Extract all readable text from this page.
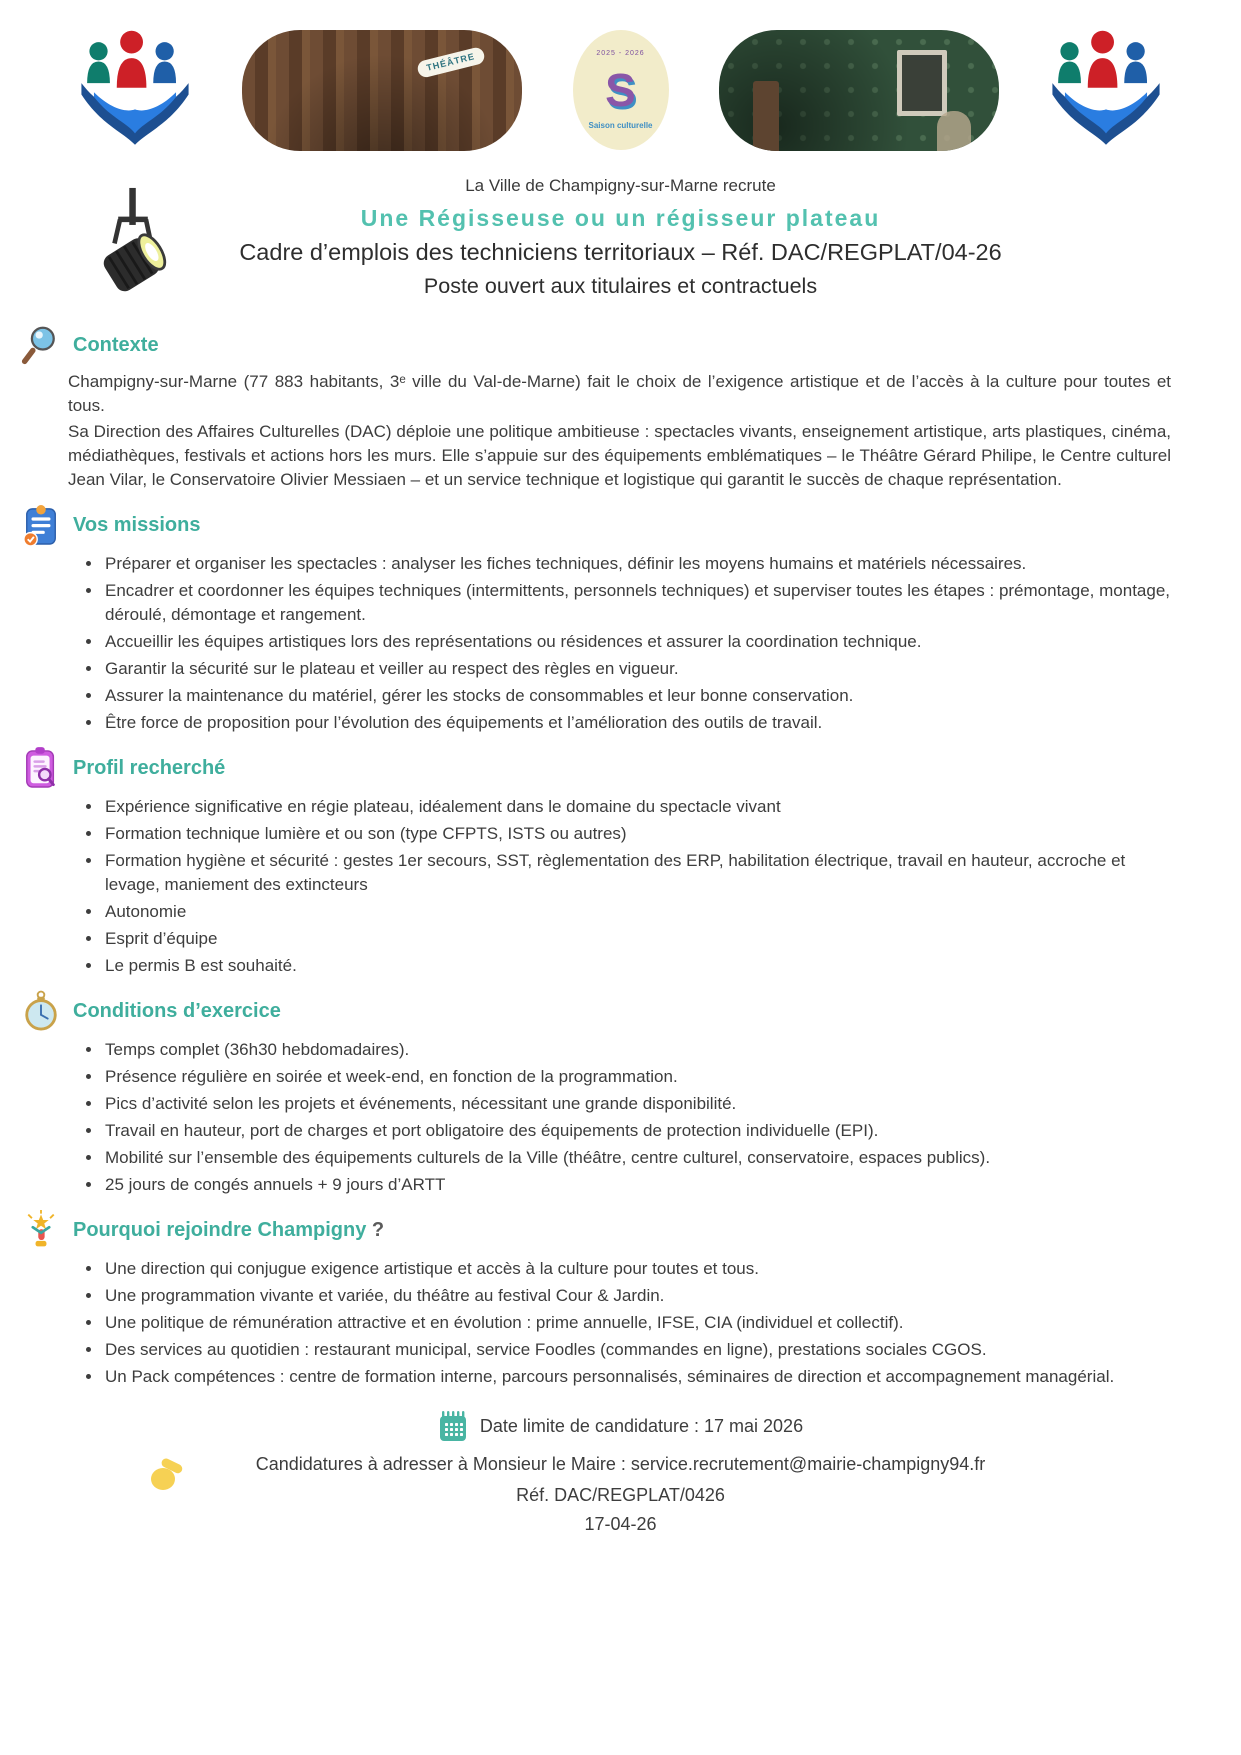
THÉÂTRE	2025 - 2026
S
Saison culturelle
La Ville de Champigny-sur-Marne recrute
Une Régisseuse ou un régisseur plateau
Cadre d’emplois des techniciens territoriaux – Réf. DAC/REGPLAT/04-26
Poste ouvert aux titulaires et contractuels
Contexte

Champigny-sur-Marne (77 883 habitants, 3ᵉ ville du Val-de-Marne) fait le choix de l’exigence artistique et de l’accès à la culture pour toutes et tous.

Sa Direction des Affaires Culturelles (DAC) déploie une politique ambitieuse : spectacles vivants, enseignement artistique, arts plastiques, cinéma, médiathèques, festivals et actions hors les murs. Elle s’appuie sur des équipements emblématiques – le Théâtre Gérard Philipe, le Centre culturel Jean Vilar, le Conservatoire Olivier Messiaen – et un service technique et logistique qui garantit le succès de chaque représentation.

Vos missions
• Préparer et organiser les spectacles : analyser les fiches techniques, définir les moyens humains et matériels nécessaires.
• Encadrer et coordonner les équipes techniques (intermittents, personnels techniques) et superviser toutes les étapes : prémontage, montage, déroulé, démontage et rangement.
• Accueillir les équipes artistiques lors des représentations ou résidences et assurer la coordination technique.
• Garantir la sécurité sur le plateau et veiller au respect des règles en vigueur.
• Assurer la maintenance du matériel, gérer les stocks de consommables et leur bonne conservation.
• Être force de proposition pour l’évolution des équipements et l’amélioration des outils de travail.
Profil recherché
• Expérience significative en régie plateau, idéalement dans le domaine du spectacle vivant
• Formation technique lumière et ou son (type CFPTS, ISTS ou autres)
• Formation hygiène et sécurité : gestes 1er secours, SST, règlementation des ERP, habilitation électrique, travail en hauteur, accroche et levage, maniement des extincteurs
• Autonomie
• Esprit d’équipe
• Le permis B est souhaité.
Conditions d’exercice
• Temps complet (36h30 hebdomadaires).
• Présence régulière en soirée et week-end, en fonction de la programmation.
• Pics d’activité selon les projets et événements, nécessitant une grande disponibilité.
• Travail en hauteur, port de charges et port obligatoire des équipements de protection individuelle (EPI).
• Mobilité sur l’ensemble des équipements culturels de la Ville (théâtre, centre culturel, conservatoire, espaces publics).
• 25 jours de congés annuels + 9 jours d’ARTT
Pourquoi rejoindre Champigny ?
• Une direction qui conjugue exigence artistique et accès à la culture pour toutes et tous.
• Une programmation vivante et variée, du théâtre au festival Cour & Jardin.
• Une politique de rémunération attractive et en évolution : prime annuelle, IFSE, CIA (individuel et collectif).
• Des services au quotidien : restaurant municipal, service Foodles (commandes en ligne), prestations sociales CGOS.
• Un Pack compétences : centre de formation interne, parcours personnalisés, séminaires de direction et accompagnement managérial.
Date limite de candidature : 17 mai 2026
Candidatures à adresser à Monsieur le Maire : service.recrutement@mairie-champigny94.fr
Réf. DAC/REGPLAT/0426
17-04-26
